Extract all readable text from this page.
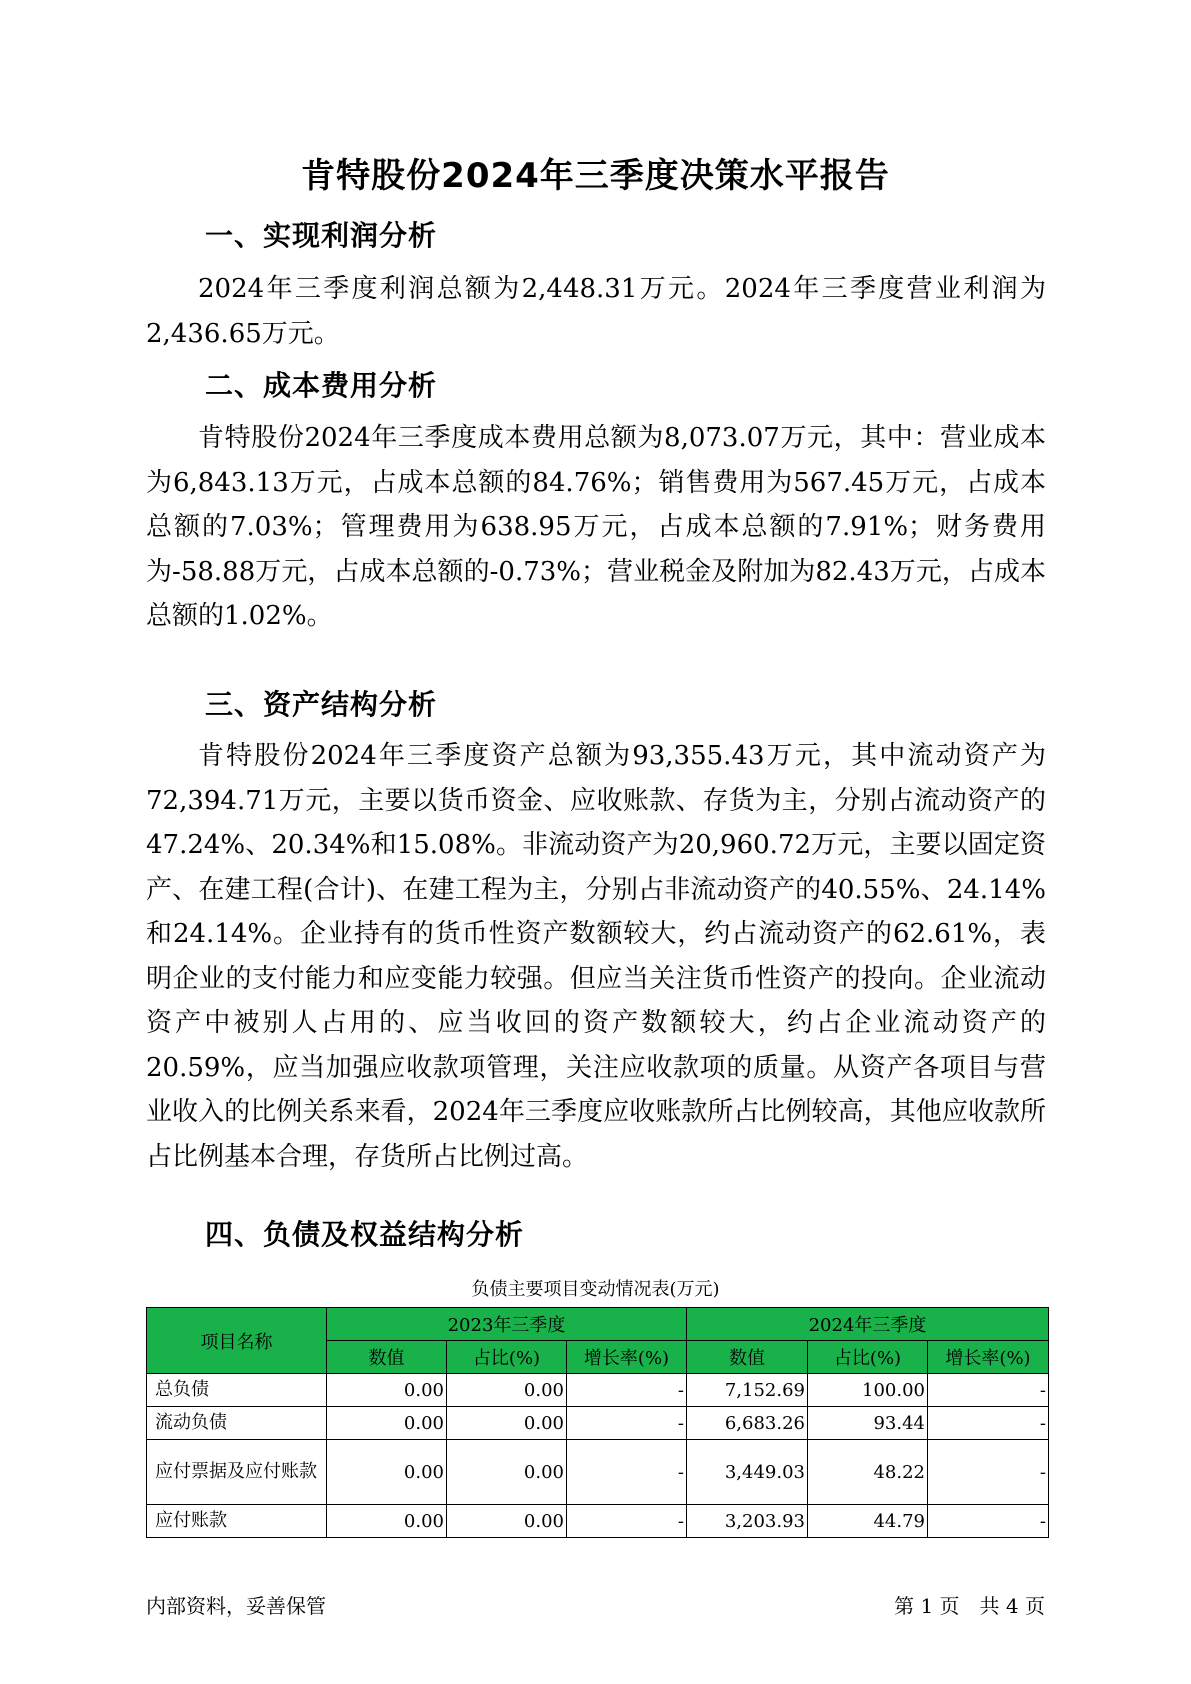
肯特股份2024年三季度决策水平报告
一、实现利润分析

2024年三季度利润总额为2,448.31万元。2024年三季度营业利润为2,436.65万元。

二、成本费用分析

肯特股份2024年三季度成本费用总额为8,073.07万元，其中：营业成本为6,843.13万元，占成本总额的84.76%；销售费用为567.45万元，占成本总额的7.03%；管理费用为638.95万元，占成本总额的7.91%；财务费用为-58.88万元，占成本总额的-0.73%；营业税金及附加为82.43万元，占成本总额的1.02%。

三、资产结构分析

肯特股份2024年三季度资产总额为93,355.43万元，其中流动资产为72,394.71万元，主要以货币资金、应收账款、存货为主，分别占流动资产的47.24%、20.34%和15.08%。非流动资产为20,960.72万元，主要以固定资产、在建工程(合计)、在建工程为主，分别占非流动资产的40.55%、24.14%和24.14%。企业持有的货币性资产数额较大，约占流动资产的62.61%，表明企业的支付能力和应变能力较强。但应当关注货币性资产的投向。企业流动资产中被别人占用的、应当收回的资产数额较大，约占企业流动资产的20.59%，应当加强应收款项管理，关注应收款项的质量。从资产各项目与营业收入的比例关系来看，2024年三季度应收账款所占比例较高，其他应收款所占比例基本合理，存货所占比例过高。

四、负债及权益结构分析

负债主要项目变动情况表(万元)

项目名称	2023年三季度			2024年三季度		
	数值	占比(%)	增长率(%)	数值	占比(%)	增长率(%)
总负债	0.00	0.00	-	7,152.69	100.00	-
流动负债	0.00	0.00	-	6,683.26	93.44	-
应付票据及应付账款	0.00	0.00	-	3,449.03	48.22	-
应付账款	0.00	0.00	-	3,203.93	44.79	-

内部资料，妥善保管	第 1 页　共 4 页
